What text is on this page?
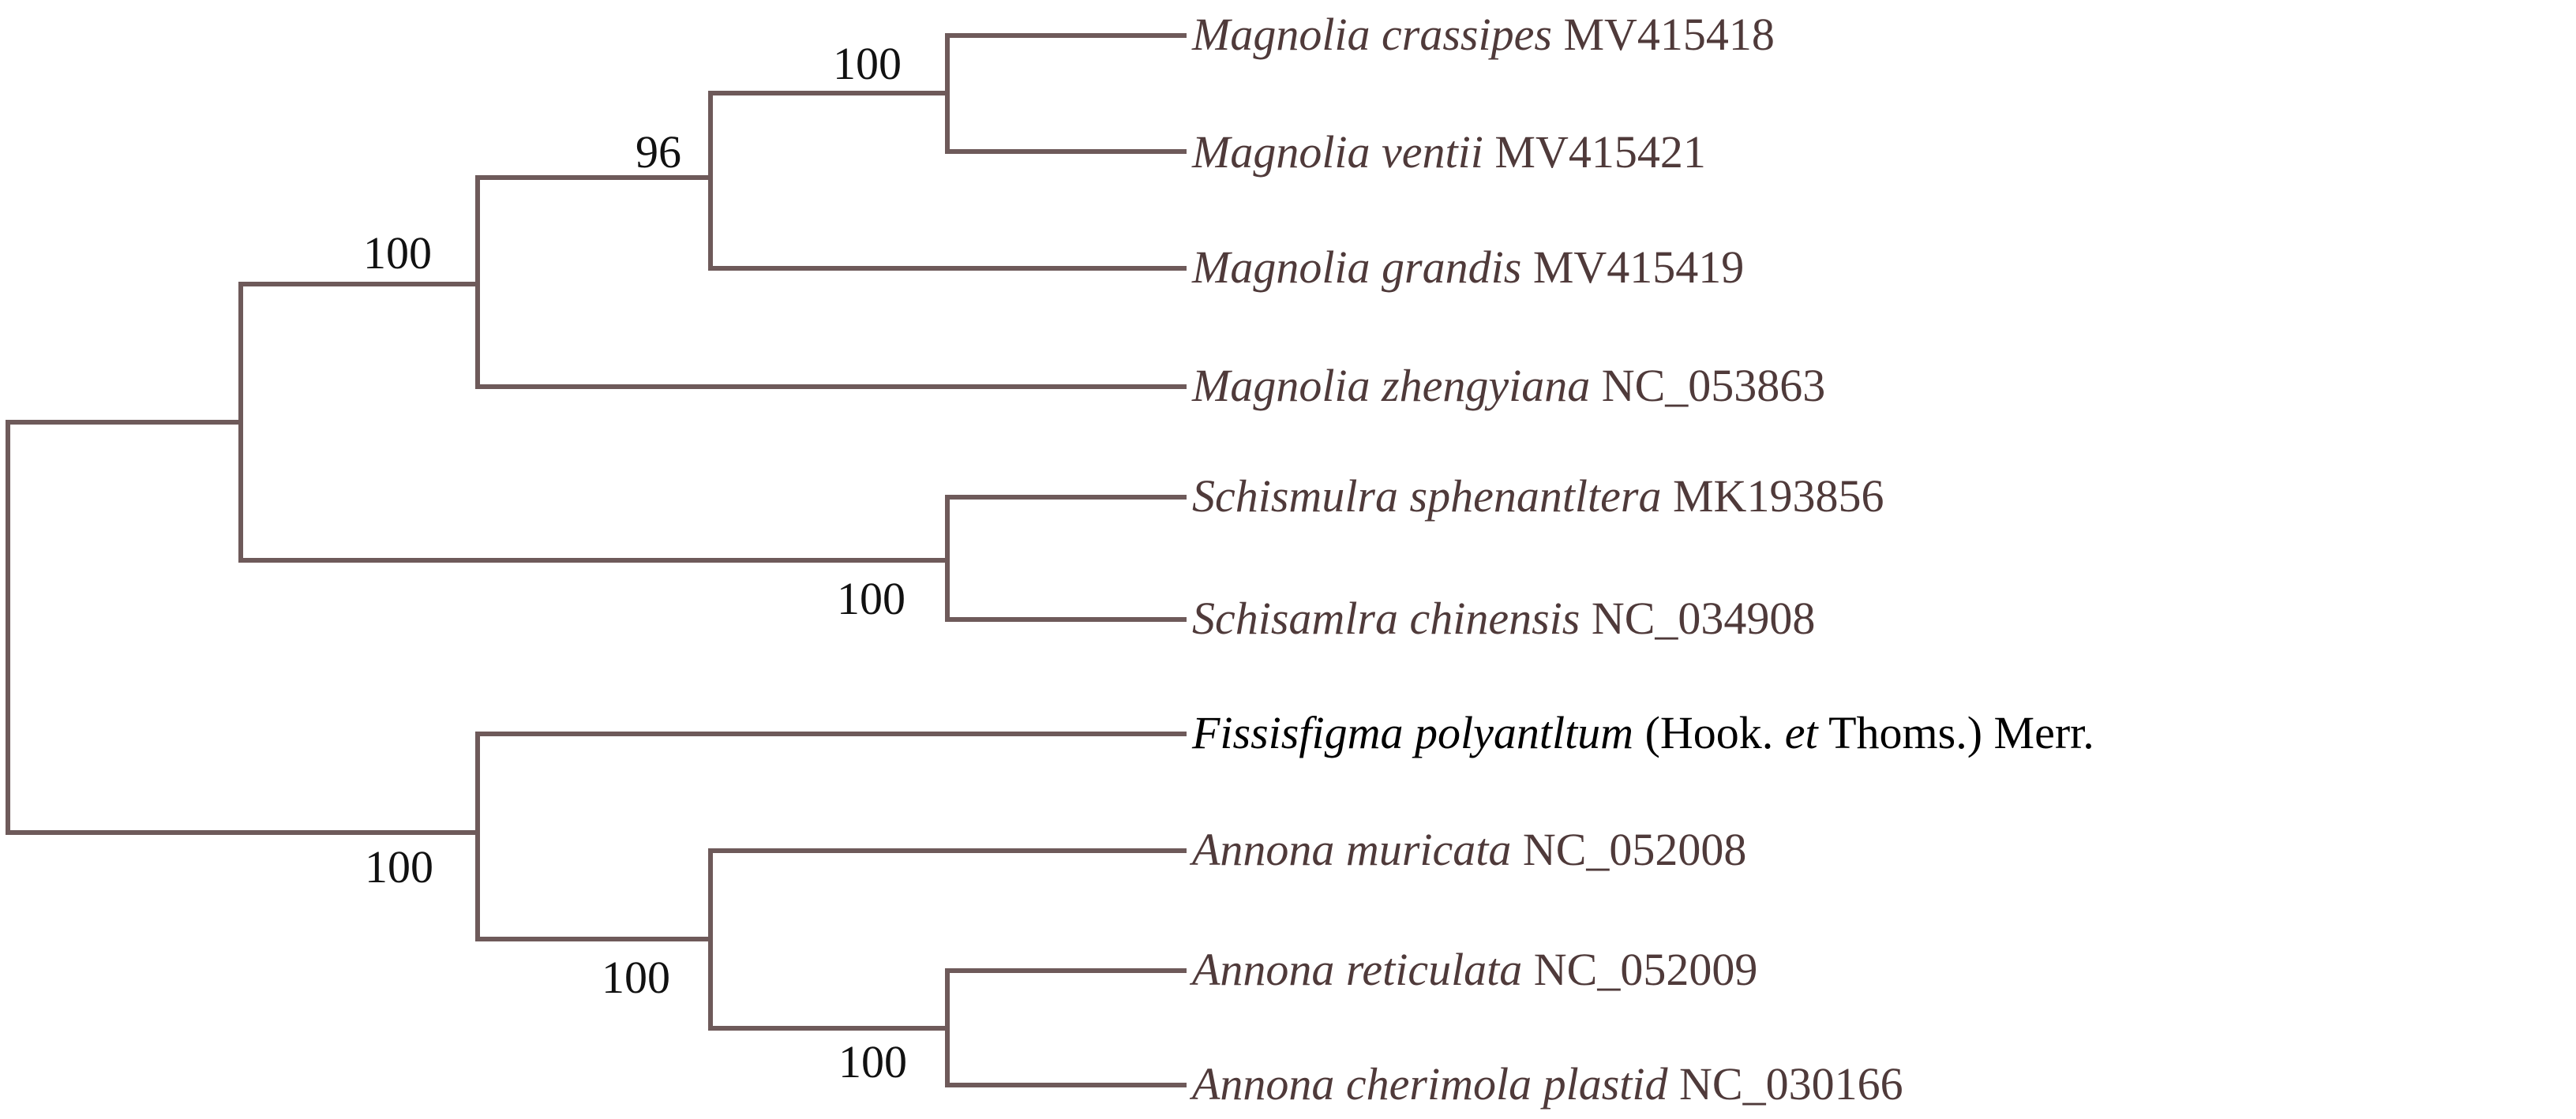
100
96
100
100
100
100
100
Magnolia crassipes MV415418
Magnolia ventii MV415421
Magnolia grandis MV415419
Magnolia zhengyiana NC_053863
Schismulra sphenantltera MK193856
Schisamlra chinensis NC_034908
Fissisfigma polyantltum (Hook. et Thoms.) Merr.
Annona muricata NC_052008
Annona reticulata NC_052009
Annona cherimola plastid NC_030166
